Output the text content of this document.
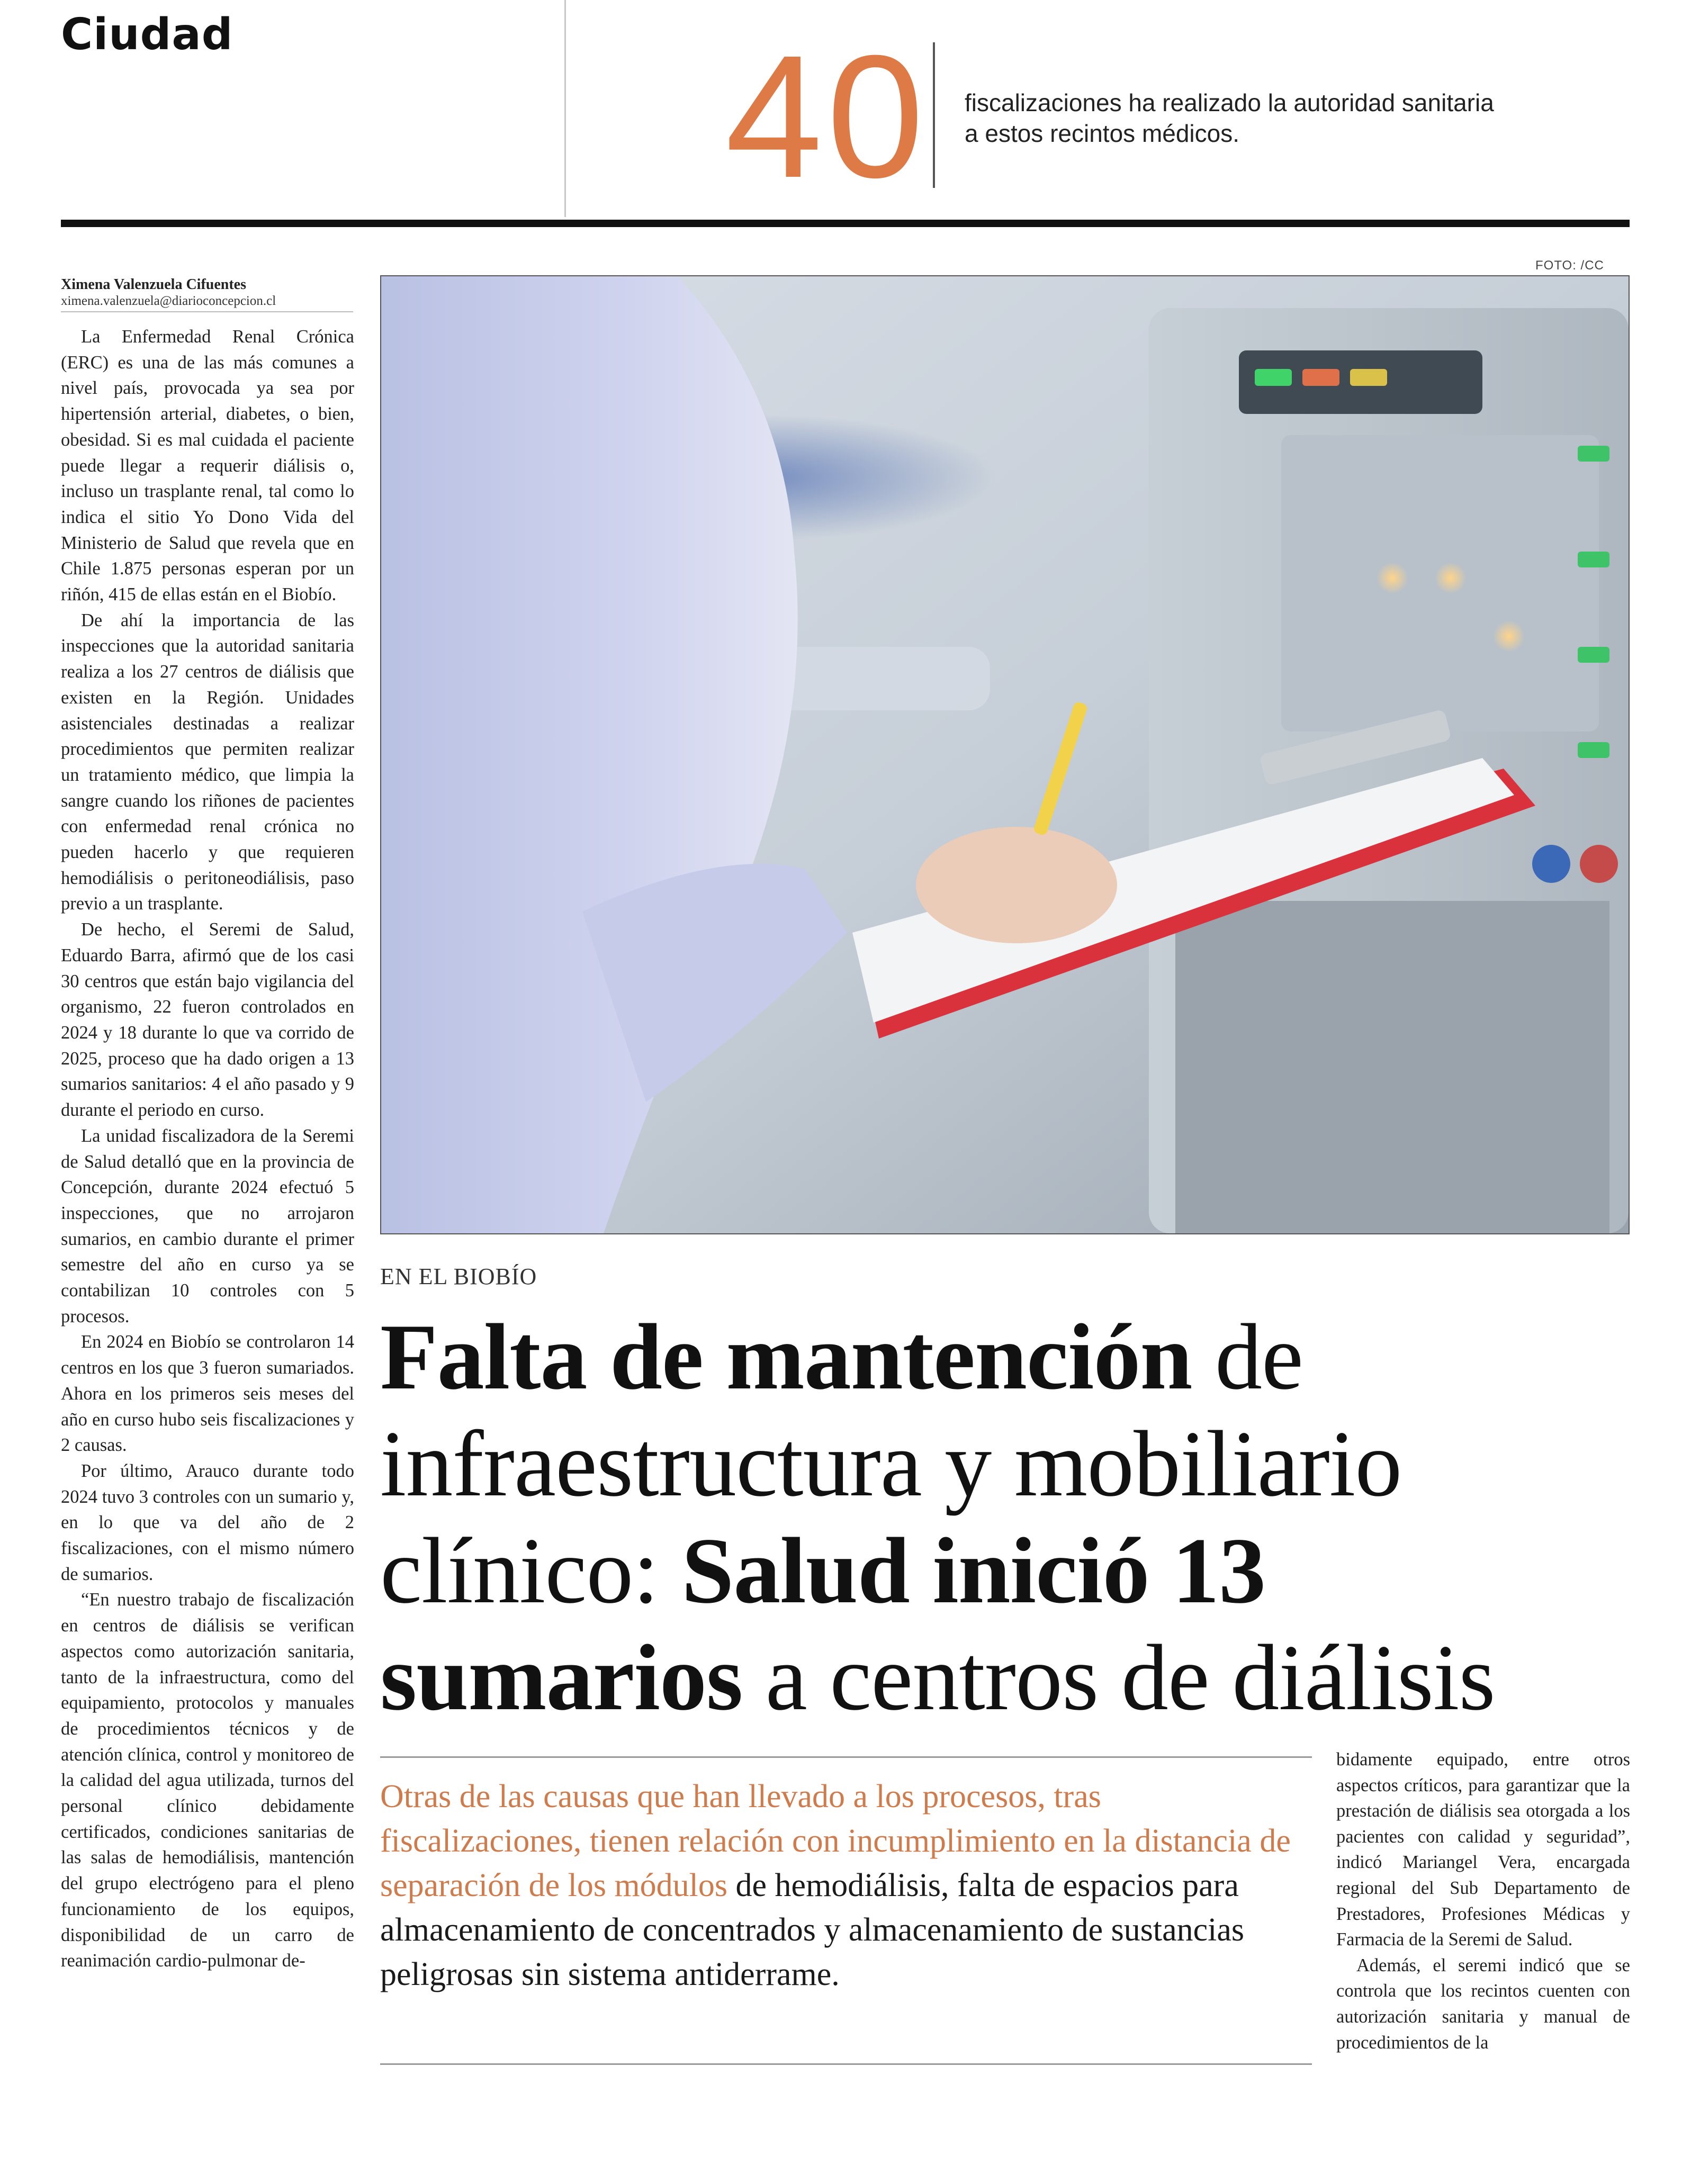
Ciudad	40 fiscalizaciones ha realizado la autoridad sanitaria a estos recintos médicos.
Ximena Valenzuela Cifuentes
ximena.valenzuela@diarioconcepcion.cl

La Enfermedad Renal Crónica (ERC) es una de las más comunes a nivel país, provocada ya sea por hipertensión arterial, diabetes, o bien, obesidad. Si es mal cuidada el paciente puede llegar a requerir diálisis o, incluso un trasplante renal, tal como lo indica el sitio Yo Dono Vida del Ministerio de Salud que revela que en Chile 1.875 personas esperan por un riñón, 415 de ellas están en el Biobío.

De ahí la importancia de las inspecciones que la autoridad sanitaria realiza a los 27 centros de diálisis que existen en la Región. Unidades asistenciales destinadas a realizar procedimientos que permiten realizar un tratamiento médico, que limpia la sangre cuando los riñones de pacientes con enfermedad renal crónica no pueden hacerlo y que requieren hemodiálisis o peritoneodiálisis, paso previo a un trasplante.

De hecho, el Seremi de Salud, Eduardo Barra, afirmó que de los casi 30 centros que están bajo vigilancia del organismo, 22 fueron controlados en 2024 y 18 durante lo que va corrido de 2025, proceso que ha dado origen a 13 sumarios sanitarios: 4 el año pasado y 9 durante el periodo en curso.

La unidad fiscalizadora de la Seremi de Salud detalló que en la provincia de Concepción, durante 2024 efectuó 5 inspecciones, que no arrojaron sumarios, en cambio durante el primer semestre del año en curso ya se contabilizan 10 controles con 5 procesos.

En 2024 en Biobío se controlaron 14 centros en los que 3 fueron sumariados. Ahora en los primeros seis meses del año en curso hubo seis fiscalizaciones y 2 causas.

Por último, Arauco durante todo 2024 tuvo 3 controles con un sumario y, en lo que va del año de 2 fiscalizaciones, con el mismo número de sumarios.

“En nuestro trabajo de fiscalización en centros de diálisis se verifican aspectos como autorización sanitaria, tanto de la infraestructura, como del equipamiento, protocolos y manuales de procedimientos técnicos y de atención clínica, control y monitoreo de la calidad del agua utilizada, turnos del personal clínico debidamente certificados, condiciones sanitarias de las salas de hemodiálisis, mantención del grupo electrógeno para el pleno funcionamiento de los equipos, disponibilidad de un carro de reanimación cardio-pulmonar de-

FOTO: /CC
EN EL BIOBÍO
Falta de mantención de infraestructura y mobiliario clínico: Salud inició 13 sumarios a centros de diálisis
Otras de las causas que han llevado a los procesos, tras fiscalizaciones, tienen relación con incumplimiento en la distancia de separación de los módulos de hemodiálisis, falta de espacios para almacenamiento de concentrados y almacenamiento de sustancias peligrosas sin sistema antiderrame.

bidamente equipado, entre otros aspectos críticos, para garantizar que la prestación de diálisis sea otorgada a los pacientes con calidad y seguridad”, indicó Mariangel Vera, encargada regional del Sub Departamento de Prestadores, Profesiones Médicas y Farmacia de la Seremi de Salud.

Además, el seremi indicó que se controla que los recintos cuenten con autorización sanitaria y manual de procedimientos de la
